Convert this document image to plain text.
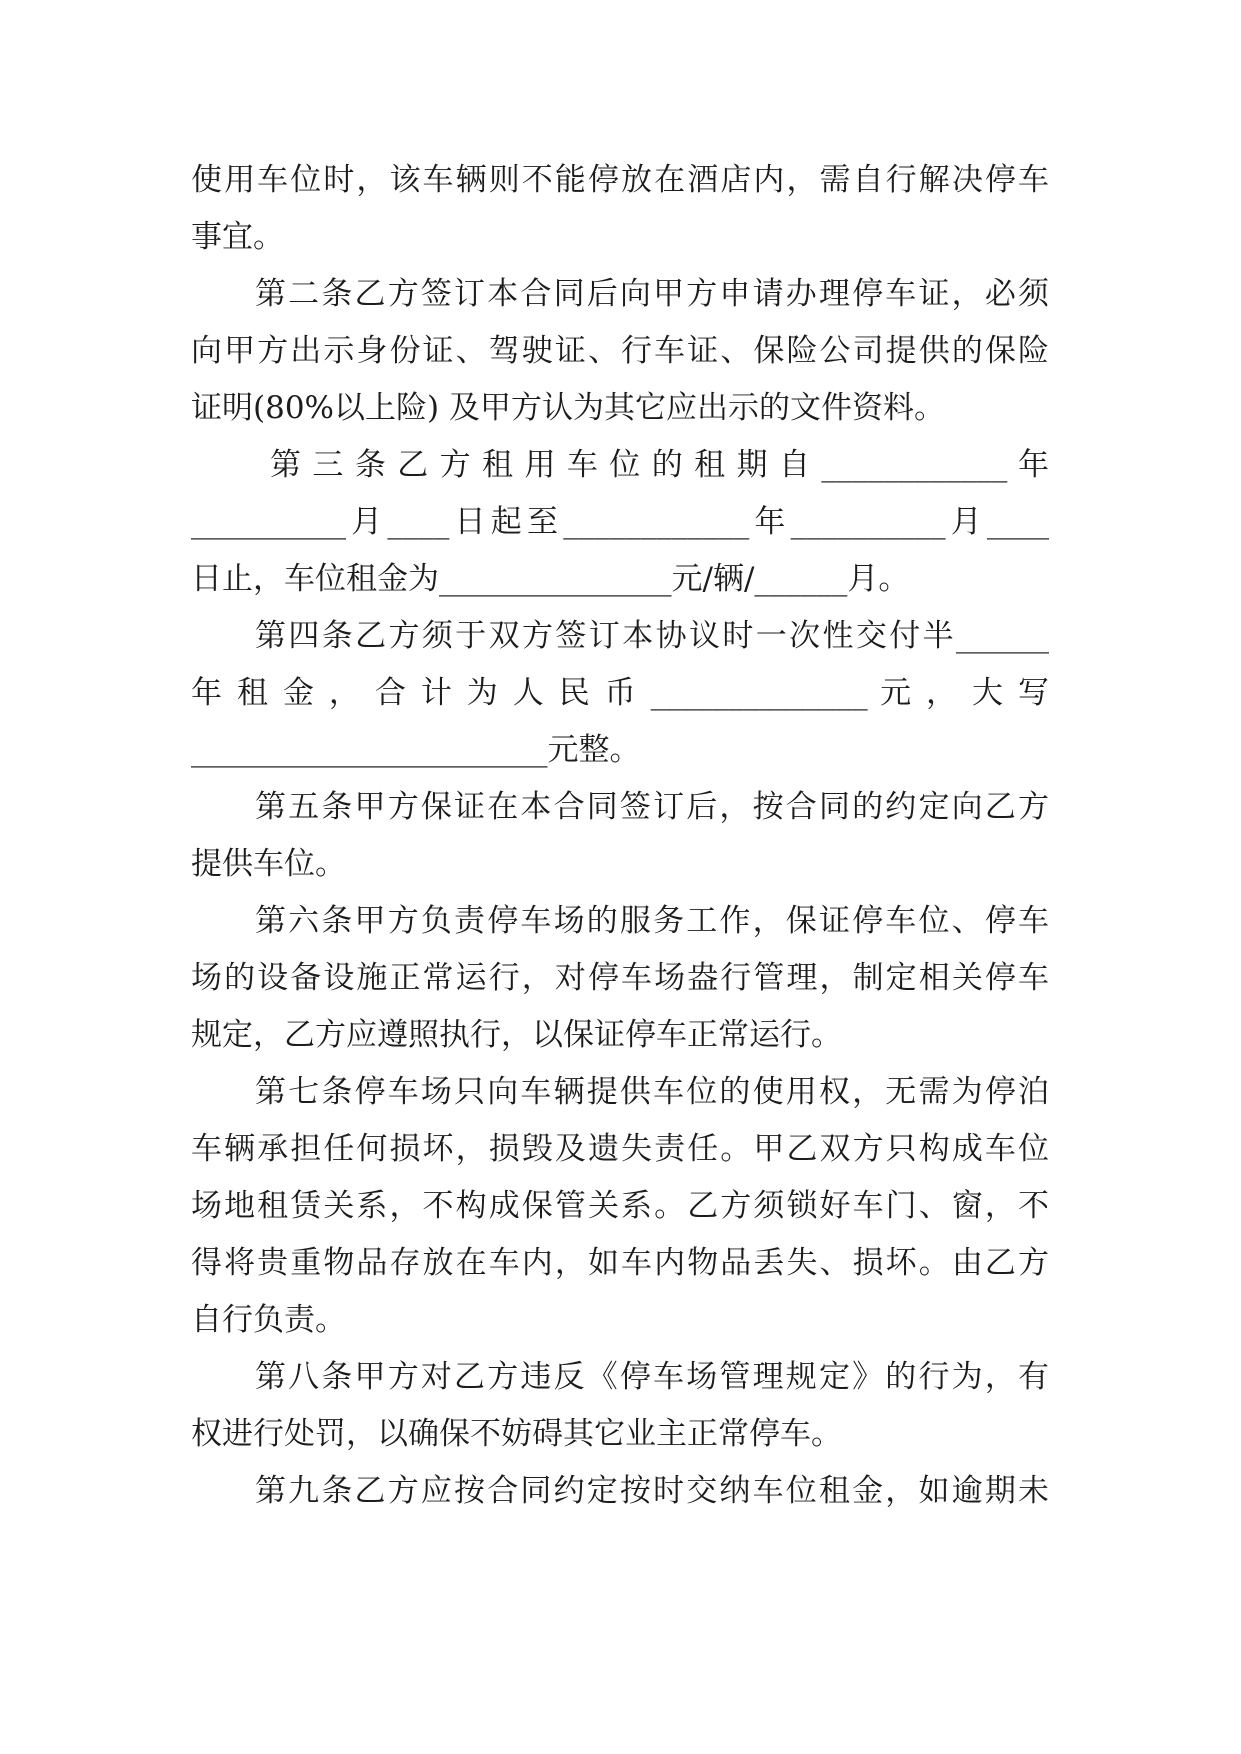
使用车位时，该车辆则不能停放在酒店内，需自行解决停车
事宜。
第二条乙方签订本合同后向甲方申请办理停车证，必须
向甲方出示身份证、驾驶证、行车证、保险公司提供的保险
证明(80%以上险) 及甲方认为其它应出示的文件资料。
第 三 条 乙 方 租 用 车 位 的 租 期 自 ____________ 年
__________月____日起至____________年__________月____
日止，车位租金为_______________元/辆/______月。
第四条乙方须于双方签订本协议时一次性交付半______
年 租 金 ， 合 计 为 人 民 币 ______________ 元 ， 大 写
_______________________元整。
第五条甲方保证在本合同签订后，按合同的约定向乙方
提供车位。
第六条甲方负责停车场的服务工作，保证停车位、停车
场的设备设施正常运行，对停车场盎行管理，制定相关停车
规定，乙方应遵照执行，以保证停车正常运行。
第七条停车场只向车辆提供车位的使用权，无需为停泊
车辆承担任何损坏，损毁及遗失责任。甲乙双方只构成车位
场地租赁关系，不构成保管关系。乙方须锁好车门、窗，不
得将贵重物品存放在车内，如车内物品丢失、损坏。由乙方
自行负责。
第八条甲方对乙方违反《停车场管理规定》的行为，有
权进行处罚，以确保不妨碍其它业主正常停车。
第九条乙方应按合同约定按时交纳车位租金，如逾期未
